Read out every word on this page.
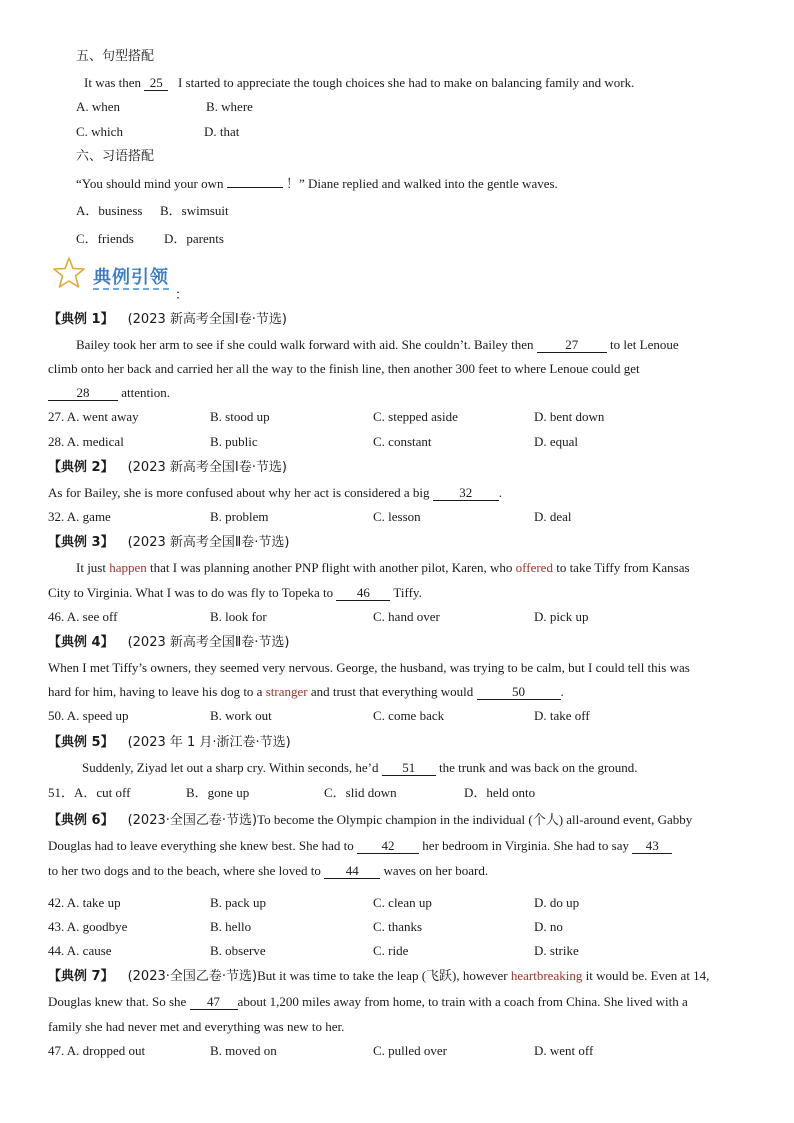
五、句型搭配
It was then 25 I started to appreciate the tough choices she had to make on balancing family and work.
A. when	B. where
C. which	D. that
六、习语搭配
“You should mind your own	！” Diane replied and walked into the gentle waves.
A．business B．swimsuit
C．friends D．parents
典例引领
：
【典例 1】 (2023 新高考全国Ⅰ卷·节选)
Bailey took her arm to see if she could walk forward with aid. She couldn’t. Bailey then 27 to let Lenoue
climb onto her back and carried her all the way to the finish line, then another 300 feet to where Lenoue could get
28 attention.
27. A. went away	B. stood up	C. stepped aside	D. bent down
28. A. medical	B. public	C. constant	D. equal
【典例 2】 (2023 新高考全国Ⅰ卷·节选)
As for Bailey, she is more confused about why her act is considered a big 32 .
32. A. game	B. problem	C. lesson	D. deal
【典例 3】 (2023 新高考全国Ⅱ卷·节选)
It just happen that I was planning another PNP flight with another pilot, Karen, who offered to take Tiffy from Kansas
City to Virginia. What I was to do was fly to Topeka to 46 Tiffy.
46. A. see off	B. look for	C. hand over	D. pick up
【典例 4】 (2023 新高考全国Ⅱ卷·节选)
When I met Tiffy’s owners, they seemed very nervous. George, the husband, was trying to be calm, but I could tell this was
hard for him, having to leave his dog to a stranger and trust that everything would	50	.
50. A. speed up	B. work out	C. come back	D. take off
【典例 5】 (2023 年 1 月·浙江卷·节选)
Suddenly, Ziyad let out a sharp cry. Within seconds, he’d 51 the trunk and was back on the ground.
51．A．cut off	B．gone up	C．slid down	D．held onto
【典例 6】 (2023·全国乙卷·节选)To become the Olympic champion in the individual (个人) all-around event, Gabby
Douglas had to leave everything she knew best. She had to 42 her bedroom in Virginia. She had to say 43
to her two dogs and to the beach, where she loved to 44 waves on her board.
42. A. take up	B. pack up	C. clean up	D. do up
43. A. goodbye	B. hello	C. thanks	D. no
44. A. cause	B. observe	C. ride	D. strike
【典例 7】 (2023·全国乙卷·节选)But it was time to take the leap (飞跃), however heartbreaking it would be. Even at 14,
Douglas knew that. So she 47 about 1,200 miles away from home, to train with a coach from China. She lived with a
family she had never met and everything was new to her.
47. A. dropped out	B. moved on	C. pulled over	D. went off
